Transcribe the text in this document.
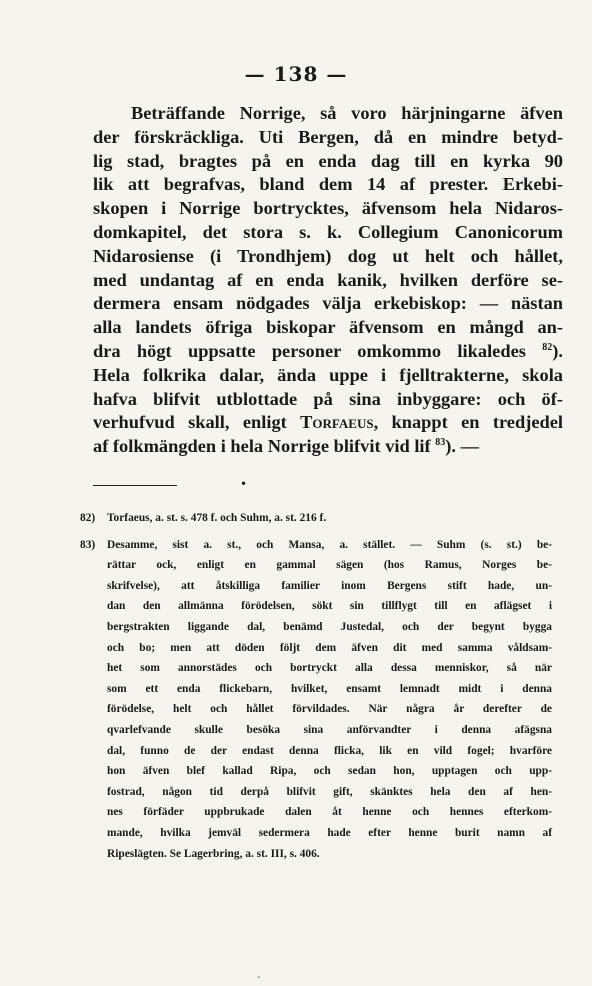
— 138 —
Beträffande Norrige, så voro härjningarne äfven
der förskräckliga. Uti Bergen, då en mindre betyd-
lig stad, bragtes på en enda dag till en kyrka 90
lik att begrafvas, bland dem 14 af prester. Erkebi-
skopen i Norrige bortrycktes, äfvensom hela Nidaros-
domkapitel, det stora s. k. Collegium Canonicorum
Nidarosiense (i Trondhjem) dog ut helt och hållet,
med undantag af en enda kanik, hvilken derföre se-
dermera ensam nödgades välja erkebiskop: — nästan
alla landets öfriga biskopar äfvensom en mångd an-
dra högt uppsatte personer omkommo likaledes $^{82}$).
Hela folkrika dalar, ända uppe i fjelltrakterne, skola
hafva blifvit utblottade på sina inbyggare: och öf-
verhufvud skall, enligt Torfaeus, knappt en tredjedel
af folkmängden i hela Norrige blifvit vid lif $^{83}$). —
•
82) Torfaeus, a. st. s. 478 f. och Suhm, a. st. 216 f.
83) Desamme, sist a. st., och Mansa, a. stället. — Suhm (s. st.) be-
rättar ock, enligt en gammal sägen (hos Ramus, Norges be-
skrifvelse), att åtskilliga familier inom Bergens stift hade, un-
dan den allmänna förödelsen, sökt sin tillflygt till en aflägset i
bergstrakten liggande dal, benämd Justedal, och der begynt bygga
och bo; men att döden följt dem äfven dit med samma våldsam-
het som annorstädes och bortryckt alla dessa menniskor, så när
som ett enda flickebarn, hvilket, ensamt lemnadt midt i denna
förödelse, helt och hållet förvildades. När några år derefter de
qvarlefvande skulle besöka sina anförvandter i denna afägsna
dal, funno de der endast denna flicka, lik en vild fogel; hvarföre
hon äfven blef kallad Ripa, och sedan hon, upptagen och upp-
fostrad, någon tid derpå blifvit gift, skänktes hela den af hen-
nes förfäder uppbrukade dalen åt henne och hennes efterkom-
mande, hvilka jemväl sedermera hade efter henne burit namn af
Ripeslägten. Se Lagerbring, a. st. III, s. 406.
-
